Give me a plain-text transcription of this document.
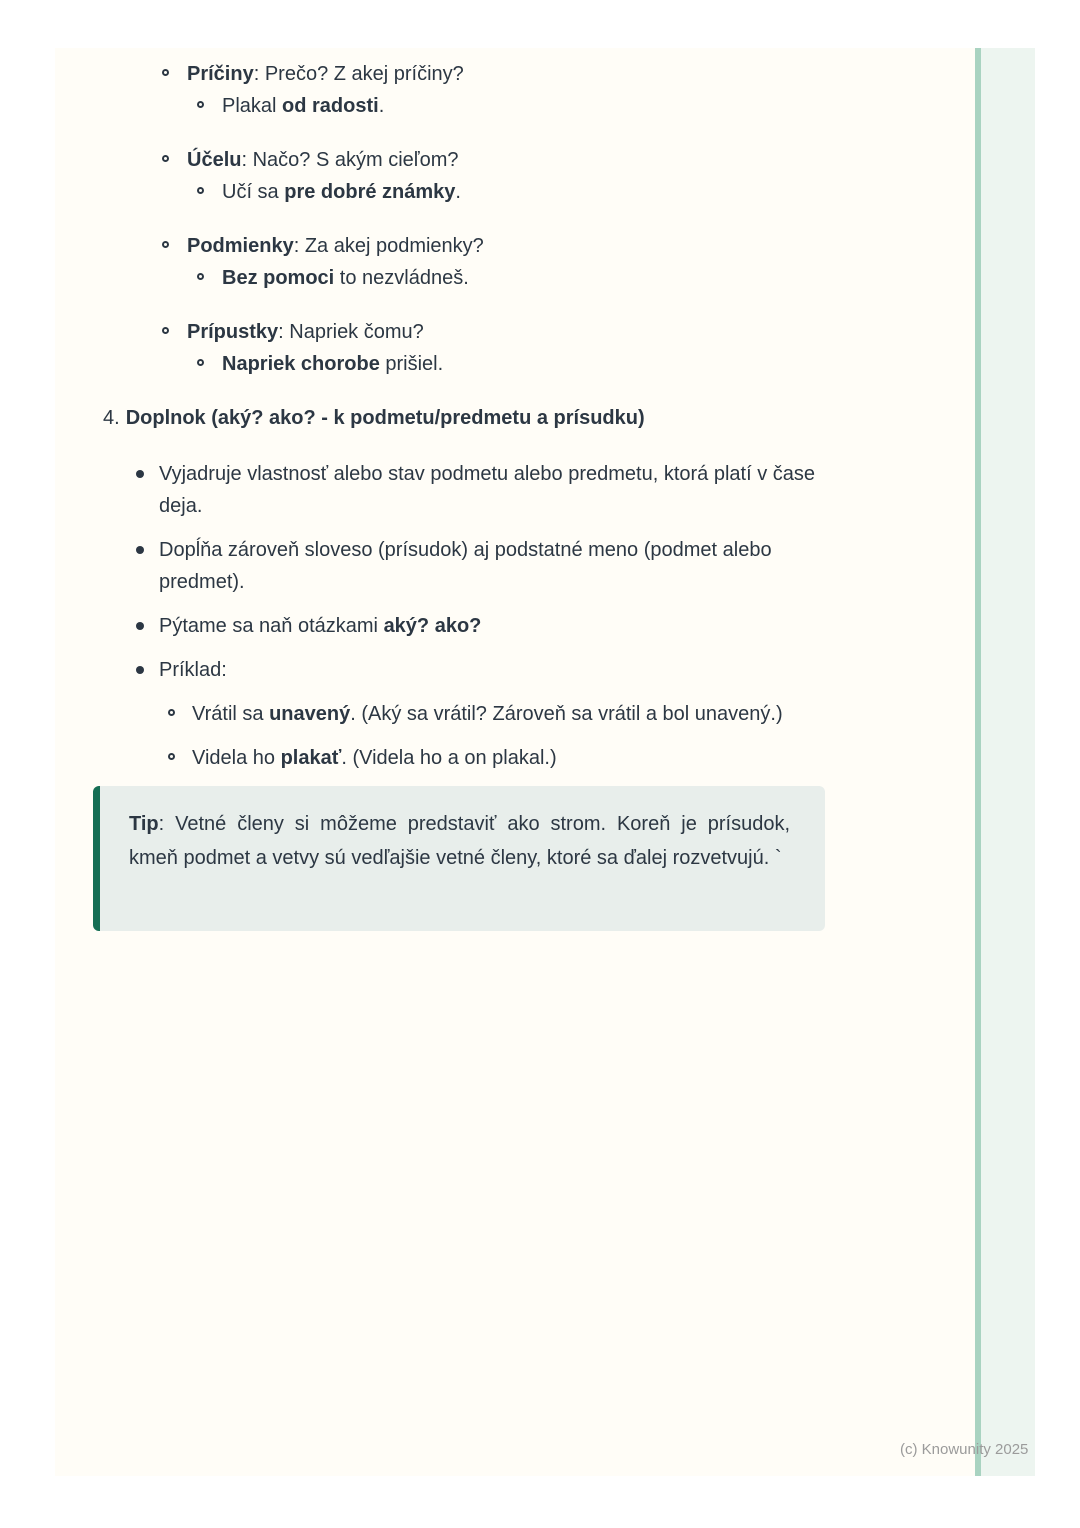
Príčiny: Prečo? Z akej príčiny?
Plakal od radosti.
Účelu: Načo? S akým cieľom?
Učí sa pre dobré známky.
Podmienky: Za akej podmienky?
Bez pomoci to nezvládneš.
Prípustky: Napriek čomu?
Napriek chorobe prišiel.
4. Doplnok (aký? ako? - k podmetu/predmetu a prísudku)
Vyjadruje vlastnosť alebo stav podmetu alebo predmetu, ktorá platí v čase deja.
Dopĺňa zároveň sloveso (prísudok) aj podstatné meno (podmet alebo predmet).
Pýtame sa naň otázkami aký? ako?
Príklad:
Vrátil sa unavený. (Aký sa vrátil? Zároveň sa vrátil a bol unavený.)
Videla ho plakať. (Videla ho a on plakal.)

Tip: Vetné členy si môžeme predstaviť ako strom. Koreň je prísudok, kmeň podmet a vetvy sú vedľajšie vetné členy, ktoré sa ďalej rozvetvujú. `

(c) Knowunity 2025
